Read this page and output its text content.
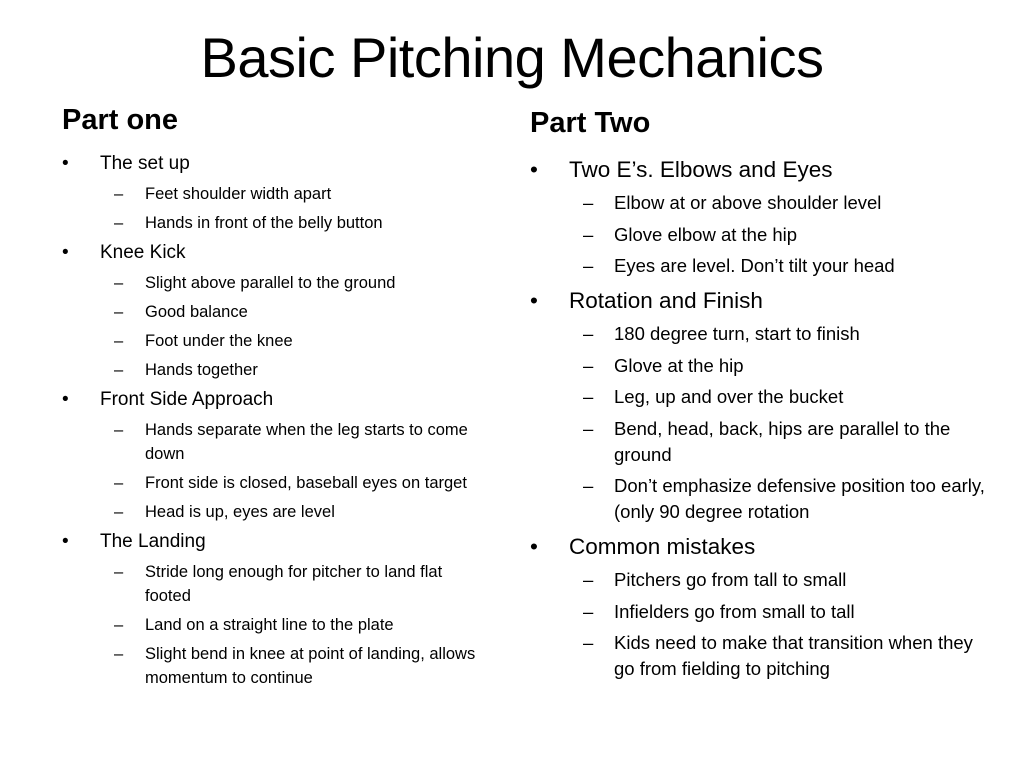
Basic Pitching Mechanics
Part one	Part Two
•	The set up
–	Feet shoulder width apart
–	Hands in front of the belly button
•	Knee Kick
–	Slight above parallel to the ground
–	Good balance
–	Foot under the knee
–	Hands together
•	Front Side Approach
–	Hands separate when the leg starts to come down
–	Front side is closed, baseball eyes on target
–	Head is up, eyes are level
•	The Landing
–	Stride long enough for pitcher to land flat footed
–	Land on a straight line to the plate
–	Slight bend in knee at point of landing, allows momentum to continue
•	Two E’s. Elbows and Eyes
–	Elbow at or above shoulder level
–	Glove elbow at the hip
–	Eyes are level. Don’t tilt your head
•	Rotation and Finish
–	180 degree turn, start to finish
–	Glove at the hip
–	Leg, up and over the bucket
–	Bend, head, back, hips are parallel to the ground
–	Don’t emphasize defensive position too early, (only 90 degree rotation
•	Common mistakes
–	Pitchers go from tall to small
–	Infielders go from small to tall
–	Kids need to make that transition when they go from fielding to pitching
